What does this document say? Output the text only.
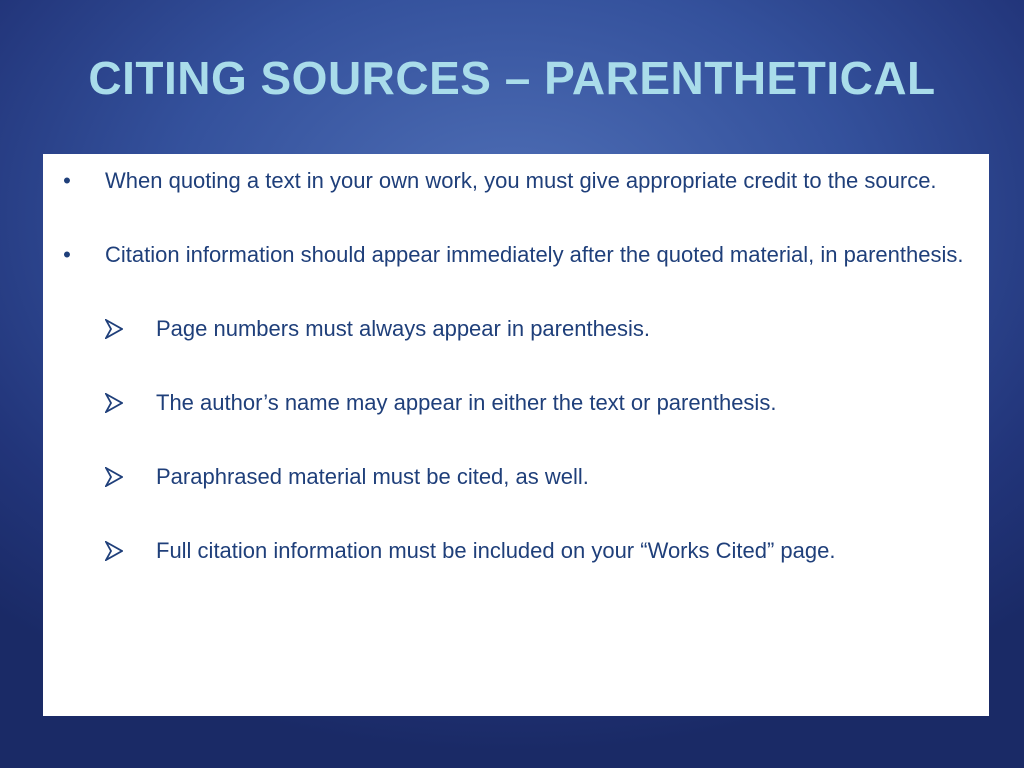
CITING SOURCES – PARENTHETICAL
• When quoting a text in your own work, you must give appropriate credit to the source.
• Citation information should appear immediately after the quoted material, in parenthesis.
Page numbers must always appear in parenthesis.
The author’s name may appear in either the text or parenthesis.
Paraphrased material must be cited, as well.
Full citation information must be included on your “Works Cited” page.
